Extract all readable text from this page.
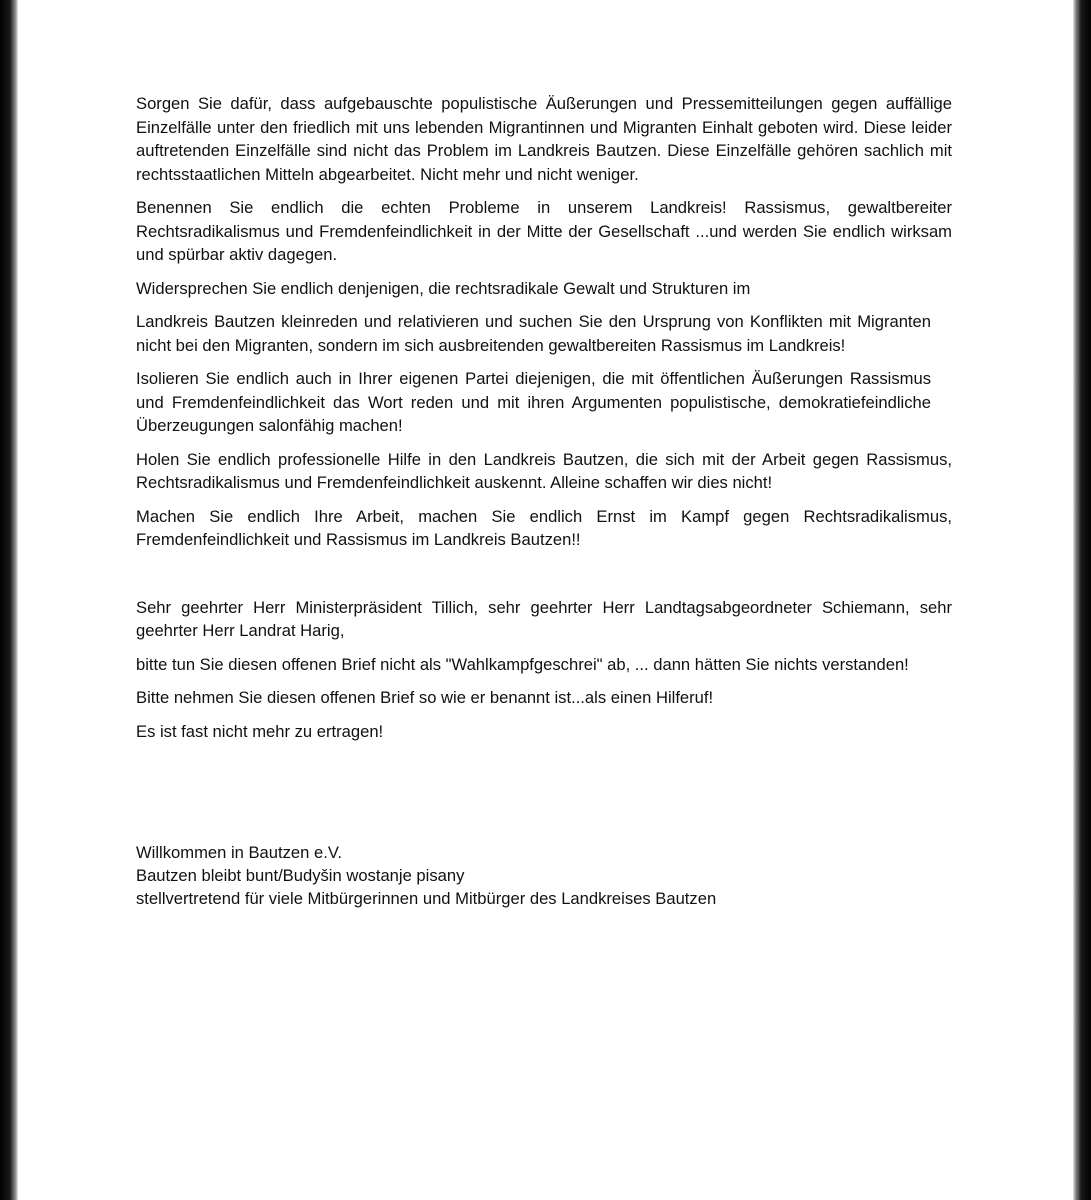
Sorgen Sie dafür, dass aufgebauschte populistische Äußerungen und Pressemitteilungen gegen auffällige Einzelfälle unter den friedlich mit uns lebenden Migrantinnen und Migranten Einhalt geboten wird. Diese leider auftretenden Einzelfälle sind nicht das Problem im Landkreis Bautzen. Diese Einzelfälle gehören sachlich mit rechtsstaatlichen Mitteln abgearbeitet. Nicht mehr und nicht weniger.

Benennen Sie endlich die echten Probleme in unserem Landkreis! Rassismus, gewaltbereiter Rechtsradikalismus und Fremdenfeindlichkeit in der Mitte der Gesellschaft ...und werden Sie endlich wirksam und spürbar aktiv dagegen.

Widersprechen Sie endlich denjenigen, die rechtsradikale Gewalt und Strukturen im

Landkreis Bautzen kleinreden und relativieren und suchen Sie den Ursprung von Konflikten mit Migranten nicht bei den Migranten, sondern im sich ausbreitenden gewaltbereiten Rassismus im Landkreis!

Isolieren Sie endlich auch in Ihrer eigenen Partei diejenigen, die mit öffentlichen Äußerungen Rassismus und Fremdenfeindlichkeit das Wort reden und mit ihren Argumenten populistische, demokratiefeindliche Überzeugungen salonfähig machen!

Holen Sie endlich professionelle Hilfe in den Landkreis Bautzen, die sich mit der Arbeit gegen Rassismus, Rechtsradikalismus und Fremdenfeindlichkeit auskennt. Alleine schaffen wir dies nicht!

Machen Sie endlich Ihre Arbeit, machen Sie endlich Ernst im Kampf gegen Rechtsradikalismus, Fremdenfeindlichkeit und Rassismus im Landkreis Bautzen!!

Sehr geehrter Herr Ministerpräsident Tillich, sehr geehrter Herr Landtagsabgeordneter Schiemann, sehr geehrter Herr Landrat Harig,

bitte tun Sie diesen offenen Brief nicht als "Wahlkampfgeschrei" ab, ... dann hätten Sie nichts verstanden!

Bitte nehmen Sie diesen offenen Brief so wie er benannt ist...als einen Hilferuf!

Es ist fast nicht mehr zu ertragen!

Willkommen in Bautzen e.V.
Bautzen bleibt bunt/Budyšin wostanje pisany
stellvertretend für viele Mitbürgerinnen und Mitbürger des Landkreises Bautzen
